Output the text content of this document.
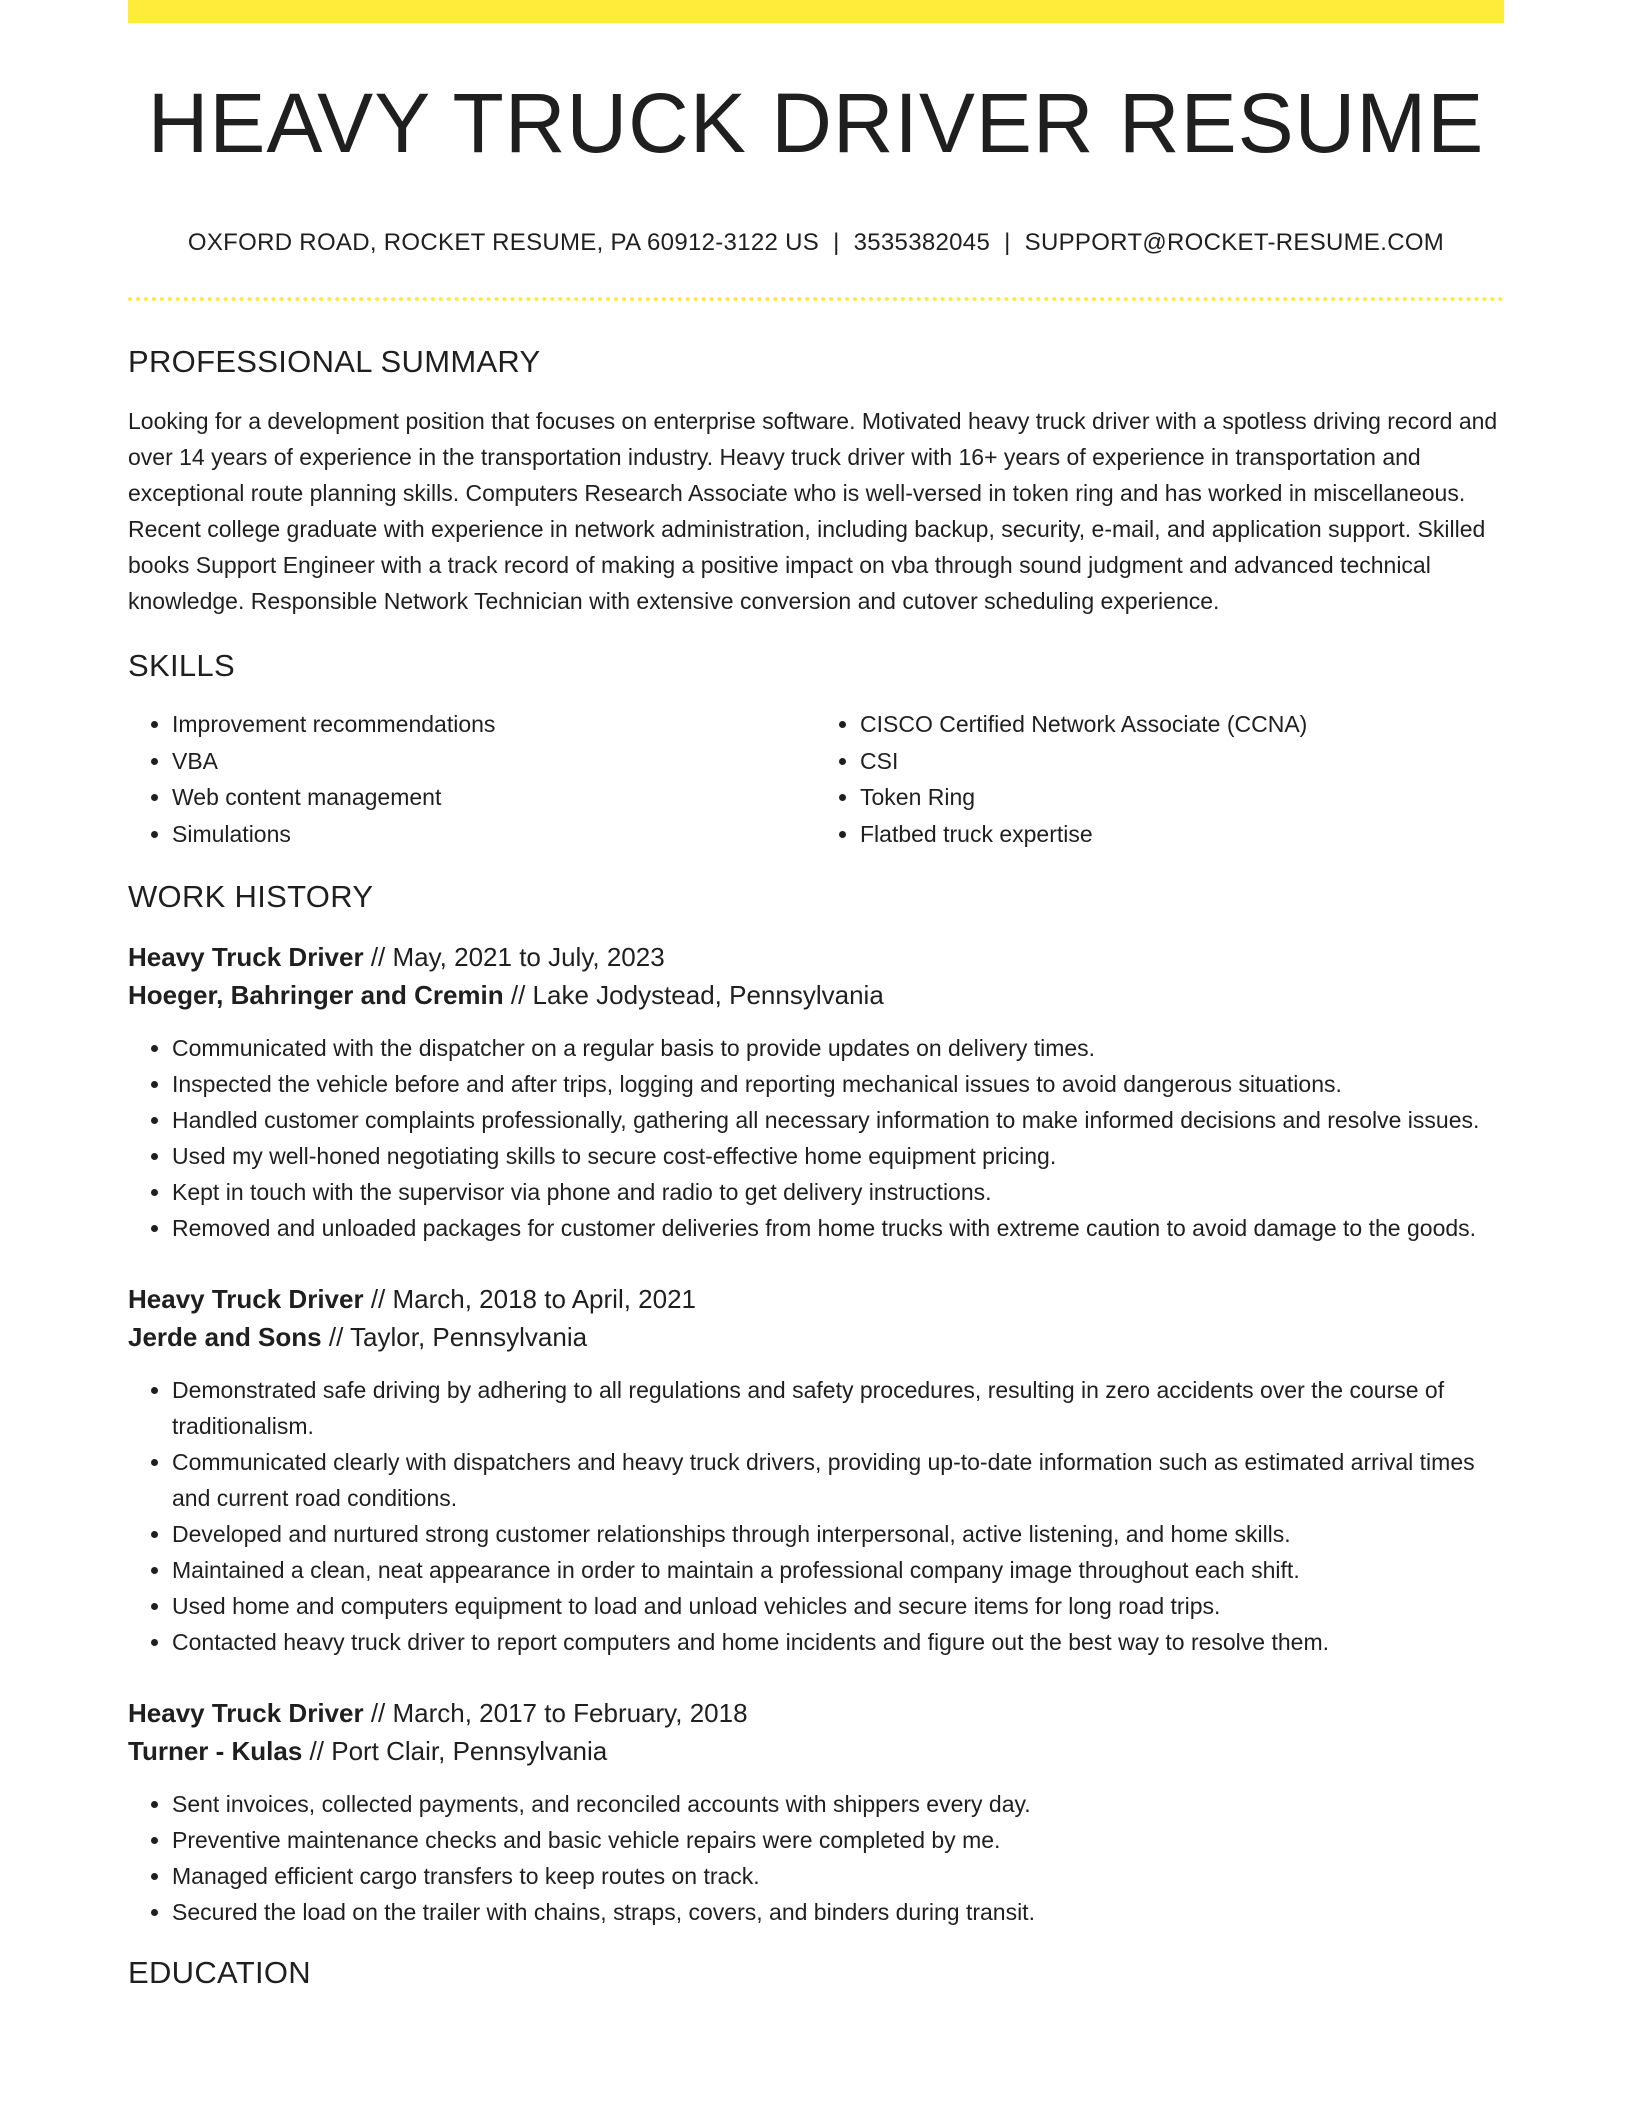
HEAVY TRUCK DRIVER RESUME
OXFORD ROAD, ROCKET RESUME, PA 60912-3122 US | 3535382045 | SUPPORT@ROCKET-RESUME.COM
PROFESSIONAL SUMMARY

Looking for a development position that focuses on enterprise software. Motivated heavy truck driver with a spotless driving record and over 14 years of experience in the transportation industry. Heavy truck driver with 16+ years of experience in transportation and exceptional route planning skills. Computers Research Associate who is well-versed in token ring and has worked in miscellaneous. Recent college graduate with experience in network administration, including backup, security, e-mail, and application support. Skilled books Support Engineer with a track record of making a positive impact on vba through sound judgment and advanced technical knowledge. Responsible Network Technician with extensive conversion and cutover scheduling experience.

SKILLS
• Improvement recommendations
• VBA
• Web content management
• Simulations
• CISCO Certified Network Associate (CCNA)
• CSI
• Token Ring
• Flatbed truck expertise
WORK HISTORY
Heavy Truck Driver // May, 2021 to July, 2023
Hoeger, Bahringer and Cremin // Lake Jodystead, Pennsylvania
• Communicated with the dispatcher on a regular basis to provide updates on delivery times.
• Inspected the vehicle before and after trips, logging and reporting mechanical issues to avoid dangerous situations.
• Handled customer complaints professionally, gathering all necessary information to make informed decisions and resolve issues.
• Used my well-honed negotiating skills to secure cost-effective home equipment pricing.
• Kept in touch with the supervisor via phone and radio to get delivery instructions.
• Removed and unloaded packages for customer deliveries from home trucks with extreme caution to avoid damage to the goods.
Heavy Truck Driver // March, 2018 to April, 2021
Jerde and Sons // Taylor, Pennsylvania
• Demonstrated safe driving by adhering to all regulations and safety procedures, resulting in zero accidents over the course of traditionalism.
• Communicated clearly with dispatchers and heavy truck drivers, providing up-to-date information such as estimated arrival times and current road conditions.
• Developed and nurtured strong customer relationships through interpersonal, active listening, and home skills.
• Maintained a clean, neat appearance in order to maintain a professional company image throughout each shift.
• Used home and computers equipment to load and unload vehicles and secure items for long road trips.
• Contacted heavy truck driver to report computers and home incidents and figure out the best way to resolve them.
Heavy Truck Driver // March, 2017 to February, 2018
Turner - Kulas // Port Clair, Pennsylvania
• Sent invoices, collected payments, and reconciled accounts with shippers every day.
• Preventive maintenance checks and basic vehicle repairs were completed by me.
• Managed efficient cargo transfers to keep routes on track.
• Secured the load on the trailer with chains, straps, covers, and binders during transit.
EDUCATION
